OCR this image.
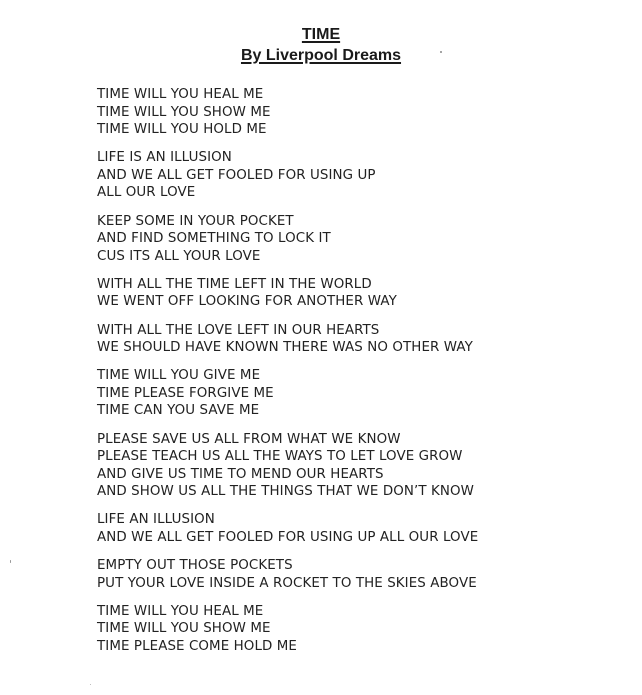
TIME
By Liverpool Dreams
TIME WILL YOU HEAL ME
TIME WILL YOU SHOW ME
TIME WILL YOU HOLD ME
LIFE IS AN ILLUSION
AND WE ALL GET FOOLED FOR USING UP
ALL OUR LOVE
KEEP SOME IN YOUR POCKET
AND FIND SOMETHING TO LOCK IT
CUS ITS ALL YOUR LOVE
WITH ALL THE TIME LEFT IN THE WORLD
WE WENT OFF LOOKING FOR ANOTHER WAY
WITH ALL THE LOVE LEFT IN OUR HEARTS
WE SHOULD HAVE KNOWN THERE WAS NO OTHER WAY
TIME WILL YOU GIVE ME
TIME PLEASE FORGIVE ME
TIME CAN YOU SAVE ME
PLEASE SAVE US ALL FROM WHAT WE KNOW
PLEASE TEACH US ALL THE WAYS TO LET LOVE GROW
AND GIVE US TIME TO MEND OUR HEARTS
AND SHOW US ALL THE THINGS THAT WE DON’T KNOW
LIFE AN ILLUSION
AND WE ALL GET FOOLED FOR USING UP ALL OUR LOVE
EMPTY OUT THOSE POCKETS
PUT YOUR LOVE INSIDE A ROCKET TO THE SKIES ABOVE
TIME WILL YOU HEAL ME
TIME WILL YOU SHOW ME
TIME PLEASE COME HOLD ME
